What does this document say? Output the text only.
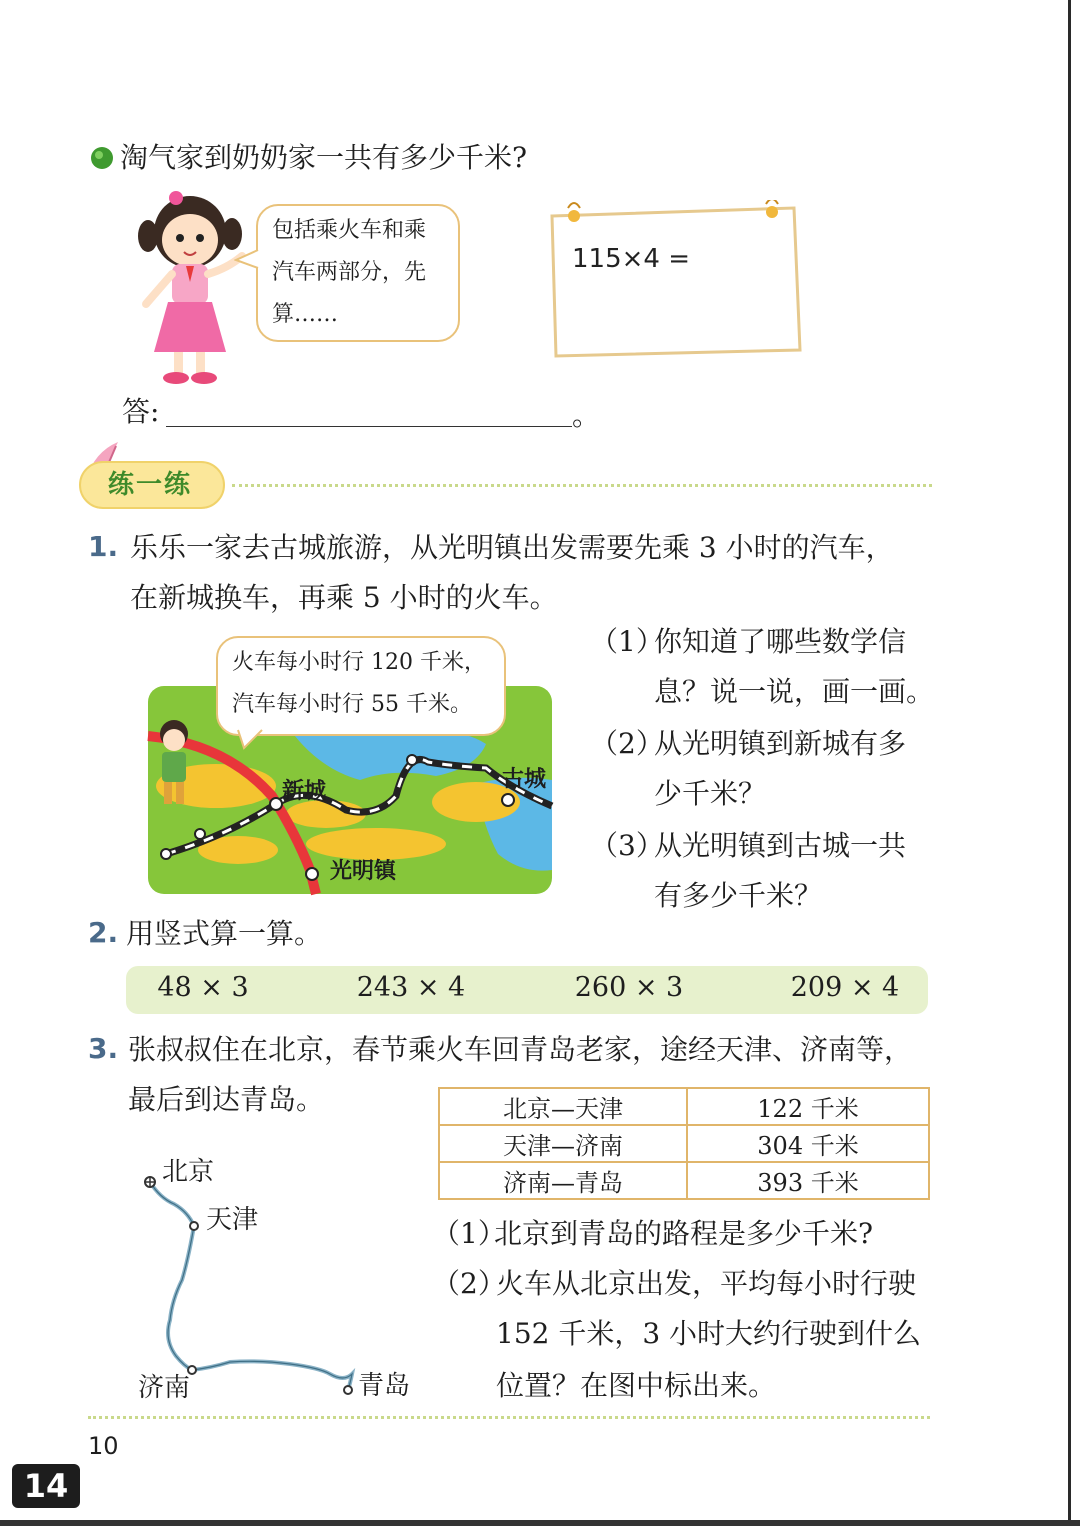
淘气家到奶奶家一共有多少千米?
包括乘火车和乘
汽车两部分，先
算……
115×4 =
答:	。
练一练
1. 乐乐一家去古城旅游，从光明镇出发需要先乘 3 小时的汽车，
在新城换车，再乘 5 小时的火车。
新城	古城
光明镇
火车每小时行 120 千米，
汽车每小时行 55 千米。
（1）
你知道了哪些数学信
息？说一说，画一画。
（2）
从光明镇到新城有多
少千米？
（3）
从光明镇到古城一共
有多少千米？
2. 用竖式算一算。
48 × 3	243 × 4	260 × 3	209 × 4
3. 张叔叔住在北京，春节乘火车回青岛老家，途经天津、济南等，
最后到达青岛。	北京—天津	122 千米
天津—济南	304 千米
济南—青岛	393 千米
北京
天津
济南	青岛
（1）
北京到青岛的路程是多少千米?
（2）
火车从北京出发，平均每小时行驶
152 千米，3 小时大约行驶到什么
位置？在图中标出来。
10
14
